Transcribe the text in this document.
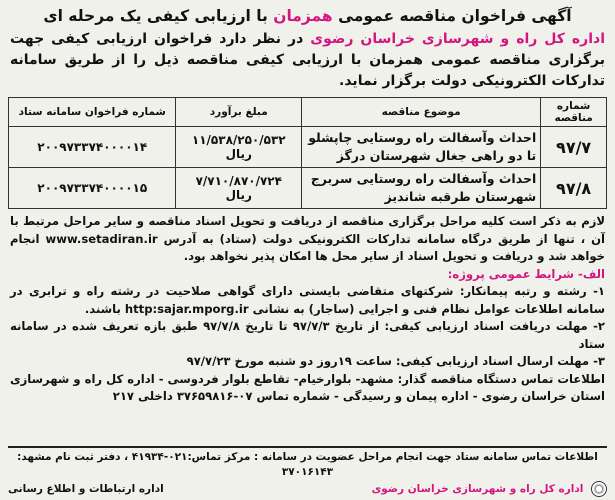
آگهی فراخوان مناقصه عمومی همزمان با ارزیابی کیفی یک مرحله ای
اداره کل راه و شهرسازی خراسان رضوی در نظر دارد فراخوان ارزیابی کیفی جهت برگزاری مناقصه عمومی همزمان با ارزیابی کیفی مناقصه ذیل را از طریق سامانه تدارکات الکترونیکی دولت برگزار نماید.
شماره مناقصه	موضوع مناقصه	مبلغ برآورد	شماره فراخوان سامانه ستاد
۹۷/۷	احداث وآسفالت راه روستایی چاپشلو تا دو راهی جغال شهرستان درگز	۱۱/۵۳۸/۲۵۰/۵۳۲ ریال	۲۰۰۹۷۳۳۷۴۰۰۰۰۱۴
۹۷/۸	احداث وآسفالت راه روستایی سربرج شهرستان طرقبه شاندیز	۷/۷۱۰/۸۷۰/۷۲۴ ریال	۲۰۰۹۷۳۳۷۴۰۰۰۰۱۵

لازم به ذکر است کلیه مراحل برگزاری مناقصه از دریافت و تحویل اسناد مناقصه و سایر مراحل مرتبط با آن ، تنها از طریق درگاه سامانه تدارکات الکترونیکی دولت (ستاد) به آدرس www.setadiran.ir انجام خواهد شد و دریافت و تحویل اسناد از سایر محل ها امکان پذیر نخواهد بود.

الف- شرایط عمومی پروژه:

۱- رشته و رتبه پیمانکار: شرکتهای متقاضی بایستی دارای گواهی صلاحیت در رشته راه و ترابری در سامانه اطلاعات عوامل نظام فنی و اجرایی (ساجار) به نشانی http:sajar.mporg.ir باشند.

۲- مهلت دریافت اسناد ارزیابی کیفی: از تاریخ ۹۷/۷/۳ تا تاریخ ۹۷/۷/۸ طبق بازه تعریف شده در سامانه ستاد

۳- مهلت ارسال اسناد ارزیابی کیفی: ساعت ۱۹روز دو شنبه مورخ ۹۷/۷/۲۳

اطلاعات تماس دستگاه مناقصه گذار: مشهد- بلوارخیام- تقاطع بلوار فردوسی - اداره کل راه و شهرسازی استان خراسان رضوی - اداره پیمان و رسیدگی - شماره تماس ۰۷-۳۷۶۵۹۸۱۶ داخلی ۲۱۷

اطلاعات تماس سامانه ستاد جهت انجام مراحل عضویت در سامانه : مرکز تماس:۰۲۱-۴۱۹۳۴ ، دفتر ثبت نام مشهد: ۳۷۰۱۶۱۴۳
اداره کل راه و شهرسازی خراسان رضوی
اداره ارتباطات و اطلاع رسانی
